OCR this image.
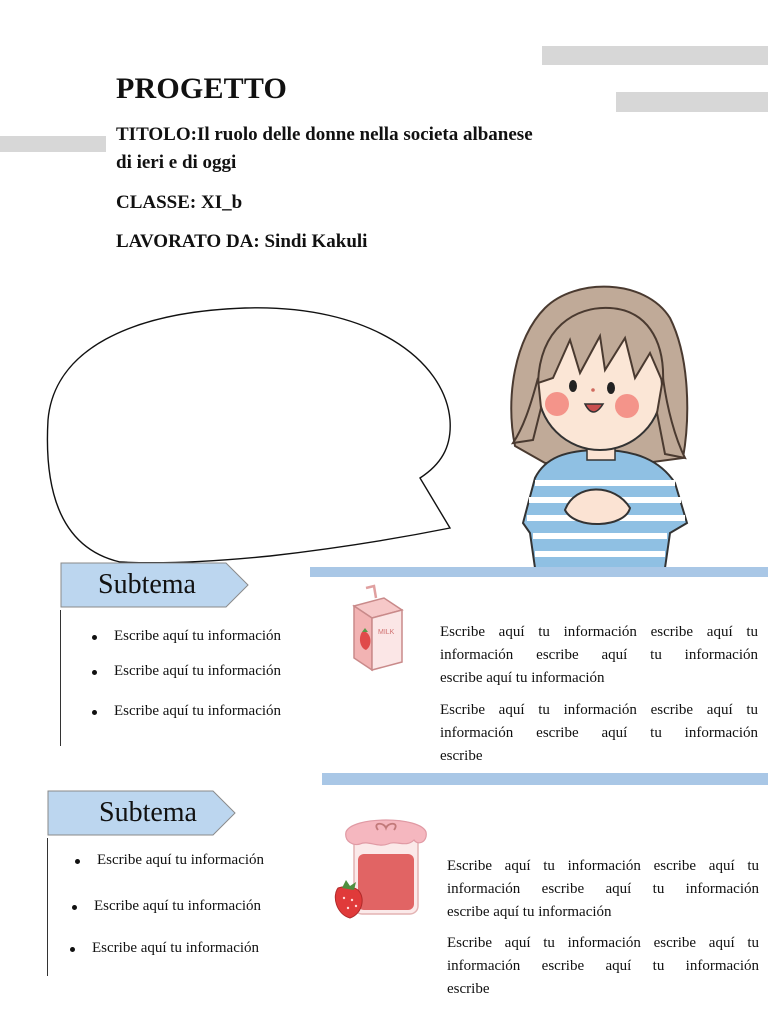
PROGETTO
TITOLO:Il ruolo delle donne nella societa albanese
di ieri e di oggi
CLASSE: XI_b
LAVORATO DA: Sindi Kakuli
Subtema
Escribe aquí tu información
Escribe aquí tu información
Escribe aquí tu información
MILK	Escribe aquí tu información escribe aquí tu
información escribe aquí tu información
escribe aquí tu información
Escribe aquí tu información escribe aquí tu
información escribe aquí tu información
escribe
Subtema
Escribe aquí tu información
Escribe aquí tu información
Escribe aquí tu información
Escribe aquí tu información escribe aquí tu
información escribe aquí tu información
escribe aquí tu información
Escribe aquí tu información escribe aquí tu
información escribe aquí tu información
escribe
